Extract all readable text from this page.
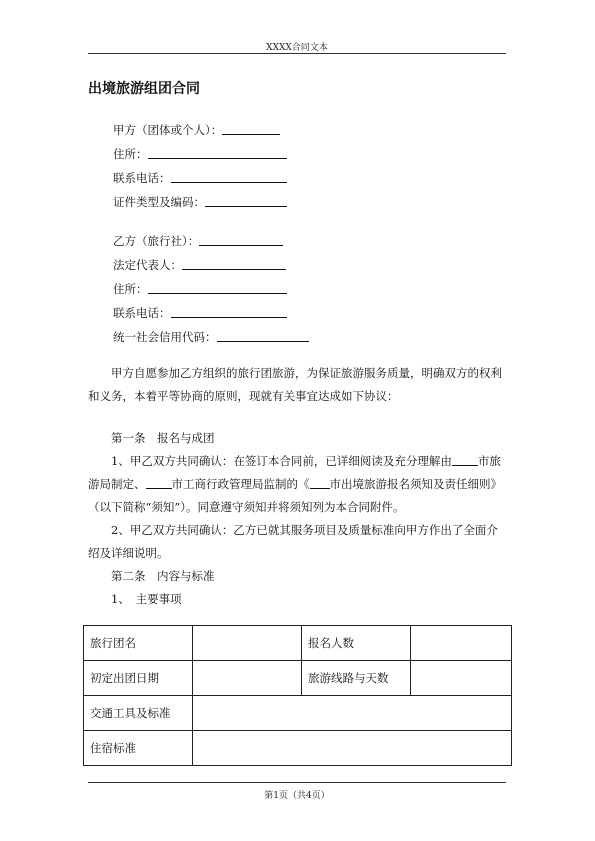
XXXX合同文本
出境旅游组团合同
甲方（团体或个人）：
住所：
联系电话：
证件类型及编码：
乙方（旅行社）：
法定代表人：
住所：
联系电话：
统一社会信用代码：
甲方自愿参加乙方组织的旅行团旅游，为保证旅游服务质量，明确双方的权利和义务，本着平等协商的原则，现就有关事宜达成如下协议：
第一条　报名与成团
1、甲乙双方共同确认：在签订本合同前，已详细阅读及充分理解由 市旅游局制定、 市工商行政管理局监制的《 市出境旅游报名须知及责任细则》　（以下简称“须知”）。同意遵守须知并将须知列为本合同附件。
2、甲乙双方共同确认：乙方已就其服务项目及质量标准向甲方作出了全面介绍及详细说明。
第二条　内容与标准
1、　主要事项
旅行团名		报名人数	
初定出团日期		旅游线路与天数	
交通工具及标准			
住宿标准			
第1页（共4页）
